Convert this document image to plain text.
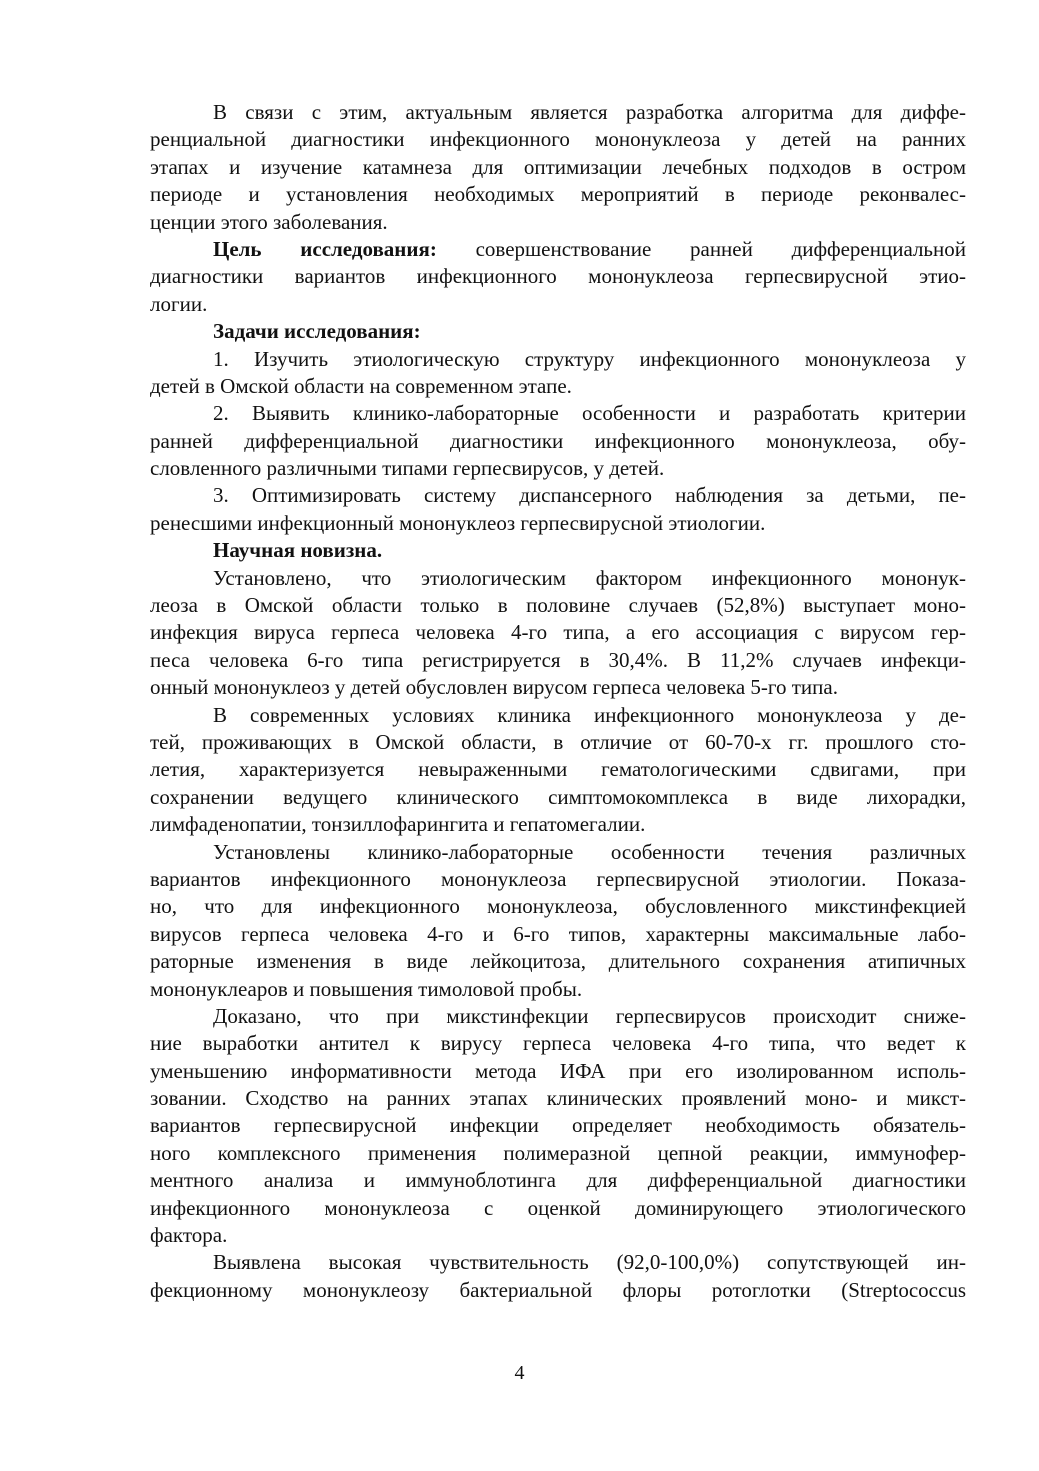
В связи с этим, актуальным является разработка алгоритма для диффе-
ренциальной диагностики инфекционного мононуклеоза у детей на ранних
этапах и изучение катамнеза для оптимизации лечебных подходов в остром
периоде и установления необходимых мероприятий в периоде реконвалес-
ценции этого заболевания.
Цель исследования: совершенствование ранней дифференциальной
диагностики вариантов инфекционного мононуклеоза герпесвирусной этио-
логии.
Задачи исследования:
1. Изучить этиологическую структуру инфекционного мононуклеоза у
детей в Омской области на современном этапе.
2. Выявить клинико-лабораторные особенности и разработать критерии
ранней дифференциальной диагностики инфекционного мононуклеоза, обу-
словленного различными типами герпесвирусов, у детей.
3. Оптимизировать систему диспансерного наблюдения за детьми, пе-
ренесшими инфекционный мононуклеоз герпесвирусной этиологии.
Научная новизна.
Установлено, что этиологическим фактором инфекционного мононук-
леоза в Омской области только в половине случаев (52,8%) выступает моно-
инфекция вируса герпеса человека 4-го типа, а его ассоциация с вирусом гер-
песа человека 6-го типа регистрируется в 30,4%. В 11,2% случаев инфекци-
онный мононуклеоз у детей обусловлен вирусом герпеса человека 5-го типа.
В современных условиях клиника инфекционного мононуклеоза у де-
тей, проживающих в Омской области, в отличие от 60-70-х гг. прошлого сто-
летия, характеризуется невыраженными гематологическими сдвигами, при
сохранении ведущего клинического симптомокомплекса в виде лихорадки,
лимфаденопатии, тонзиллофарингита и гепатомегалии.
Установлены клинико-лабораторные особенности течения различных
вариантов инфекционного мононуклеоза герпесвирусной этиологии. Показа-
но, что для инфекционного мононуклеоза, обусловленного микстинфекцией
вирусов герпеса человека 4-го и 6-го типов, характерны максимальные лабо-
раторные изменения в виде лейкоцитоза, длительного сохранения атипичных
мононуклеаров и повышения тимоловой пробы.
Доказано, что при микстинфекции герпесвирусов происходит сниже-
ние выработки антител к вирусу герпеса человека 4-го типа, что ведет к
уменьшению информативности метода ИФА при его изолированном исполь-
зовании. Сходство на ранних этапах клинических проявлений моно- и микст-
вариантов герпесвирусной инфекции определяет необходимость обязатель-
ного комплексного применения полимеразной цепной реакции, иммунофер-
ментного анализа и иммуноблотинга для дифференциальной диагностики
инфекционного мононуклеоза с оценкой доминирующего этиологического
фактора.
Выявлена высокая чувствительность (92,0-100,0%) сопутствующей ин-
фекционному мононуклеозу бактериальной флоры ротоглотки (Streptococcus
4
